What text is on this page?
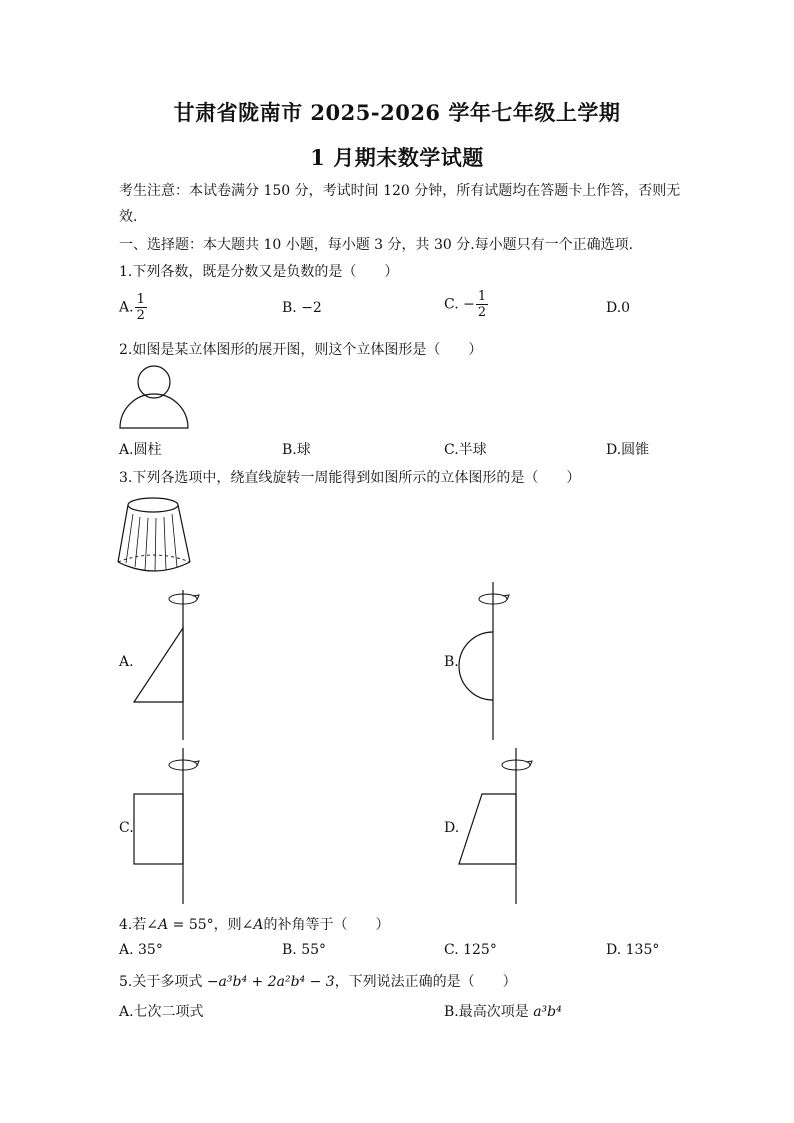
甘肃省陇南市 2025-2026 学年七年级上学期
1 月期末数学试题
考生注意：本试卷满分 150 分，考试时间 120 分钟，所有试题均在答题卡上作答，否则无
效.
一、选择题：本大题共 10 小题，每小题 3 分，共 30 分.每小题只有一个正确选项.
1.下列各数，既是分数又是负数的是（　　）
A. $\frac{1}{2}$	B. −2	C. − $\frac{1}{2}$	D.0
2.如图是某立体图形的展开图，则这个立体图形是（　　）
A.圆柱	B.球	C.半球	D.圆锥
3.下列各选项中，绕直线旋转一周能得到如图所示的立体图形的是（　　）
A.	B.
C.	D.
4.若∠A = 55°，则∠A的补角等于（　　）
A. 35°	B. 55°	C. 125°	D. 135°
5.关于多项式 −a³b⁴ + 2a²b⁴ − 3，下列说法正确的是（　　）
A.七次二项式	B.最高次项是 a³b⁴
